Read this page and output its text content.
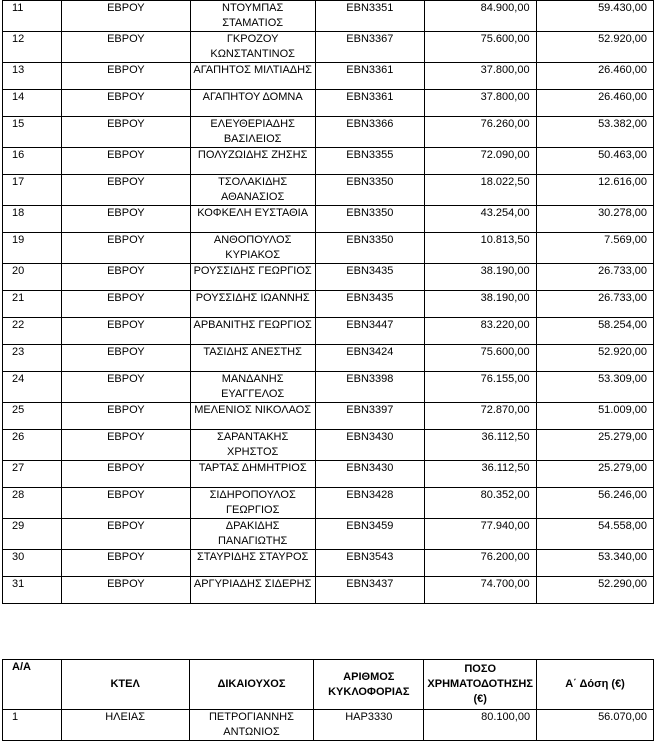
11	ΕΒΡΟΥ	ΝΤΟΥΜΠΑΣ ΣΤΑΜΑΤΙΟΣ	ΕΒΝ3351	84.900,00	59.430,00
12	ΕΒΡΟΥ	ΓΚΡΟΖΟΥ ΚΩΝΣΤΑΝΤΙΝΟΣ	ΕΒΝ3367	75.600,00	52.920,00
13	ΕΒΡΟΥ	ΑΓΑΠΗΤΟΣ ΜΙΛΤΙΑΔΗΣ	ΕΒΝ3361	37.800,00	26.460,00
14	ΕΒΡΟΥ	ΑΓΑΠΗΤΟΥ ΔΟΜΝΑ	ΕΒΝ3361	37.800,00	26.460,00
15	ΕΒΡΟΥ	ΕΛΕΥΘΕΡΙΑΔΗΣ ΒΑΣΙΛΕΙΟΣ	ΕΒΝ3366	76.260,00	53.382,00
16	ΕΒΡΟΥ	ΠΟΛΥΖΩΙΔΗΣ ΖΗΣΗΣ	ΕΒΝ3355	72.090,00	50.463,00
17	ΕΒΡΟΥ	ΤΣΟΛΑΚΙΔΗΣ ΑΘΑΝΑΣΙΟΣ	ΕΒΝ3350	18.022,50	12.616,00
18	ΕΒΡΟΥ	ΚΟΦΚΕΛΗ ΕΥΣΤΑΘΙΑ	ΕΒΝ3350	43.254,00	30.278,00
19	ΕΒΡΟΥ	ΑΝΘΟΠΟΥΛΟΣ ΚΥΡΙΑΚΟΣ	ΕΒΝ3350	10.813,50	7.569,00
20	ΕΒΡΟΥ	ΡΟΥΣΣΙΔΗΣ ΓΕΩΡΓΙΟΣ	ΕΒΝ3435	38.190,00	26.733,00
21	ΕΒΡΟΥ	ΡΟΥΣΣΙΔΗΣ ΙΩΑΝΝΗΣ	ΕΒΝ3435	38.190,00	26.733,00
22	ΕΒΡΟΥ	ΑΡΒΑΝΙΤΗΣ ΓΕΩΡΓΙΟΣ	ΕΒΝ3447	83.220,00	58.254,00
23	ΕΒΡΟΥ	ΤΑΣΙΔΗΣ ΑΝΕΣΤΗΣ	ΕΒΝ3424	75.600,00	52.920,00
24	ΕΒΡΟΥ	ΜΑΝΔΑΝΗΣ ΕΥΑΓΓΕΛΟΣ	ΕΒΝ3398	76.155,00	53.309,00
25	ΕΒΡΟΥ	ΜΕΛΕΝΙΟΣ ΝΙΚΟΛΑΟΣ	ΕΒΝ3397	72.870,00	51.009,00
26	ΕΒΡΟΥ	ΣΑΡΑΝΤΑΚΗΣ ΧΡΗΣΤΟΣ	ΕΒΝ3430	36.112,50	25.279,00
27	ΕΒΡΟΥ	ΤΑΡΤΑΣ ΔΗΜΗΤΡΙΟΣ	ΕΒΝ3430	36.112,50	25.279,00
28	ΕΒΡΟΥ	ΣΙΔΗΡΟΠΟΥΛΟΣ ΓΕΩΡΓΙΟΣ	ΕΒΝ3428	80.352,00	56.246,00
29	ΕΒΡΟΥ	ΔΡΑΚΙΔΗΣ ΠΑΝΑΓΙΩΤΗΣ	ΕΒΝ3459	77.940,00	54.558,00
30	ΕΒΡΟΥ	ΣΤΑΥΡΙΔΗΣ ΣΤΑΥΡΟΣ	ΕΒΝ3543	76.200,00	53.340,00
31	ΕΒΡΟΥ	ΑΡΓΥΡΙΑΔΗΣ ΣΙΔΕΡΗΣ	ΕΒΝ3437	74.700,00	52.290,00
Α/Α	ΚΤΕΛ	ΔΙΚΑΙΟΥΧΟΣ	ΑΡΙΘΜΟΣ ΚΥΚΛΟΦΟΡΙΑΣ	ΠΟΣΟ ΧΡΗΜΑΤΟΔΟΤΗΣΗΣ (€)	Α΄ Δόση (€)
1	ΗΛΕΙΑΣ	ΠΕΤΡΟΓΙΑΝΝΗΣ ΑΝΤΩΝΙΟΣ	ΗΑΡ3330	80.100,00	56.070,00
